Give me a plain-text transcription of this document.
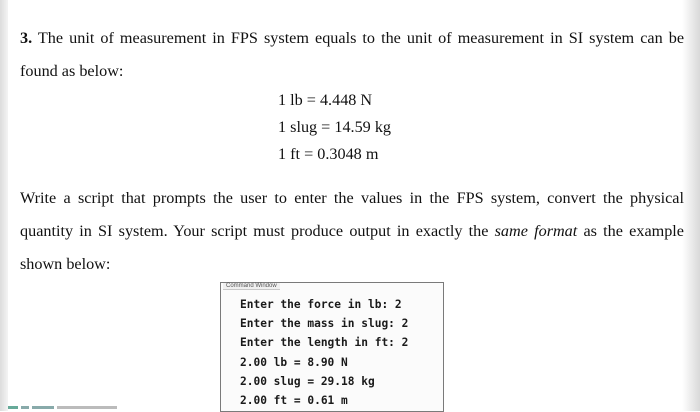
3. The unit of measurement in FPS system equals to the unit of measurement in SI system can be found as below:
1 lb = 4.448 N
1 slug = 14.59 kg
1 ft = 0.3048 m
Write a script that prompts the user to enter the values in the FPS system, convert the physical quantity in SI system. Your script must produce output in exactly the same format as the example shown below:
Command Window
Enter the force in lb: 2
Enter the mass in slug: 2
Enter the length in ft: 2
2.00 lb = 8.90 N
2.00 slug = 29.18 kg
2.00 ft = 0.61 m
